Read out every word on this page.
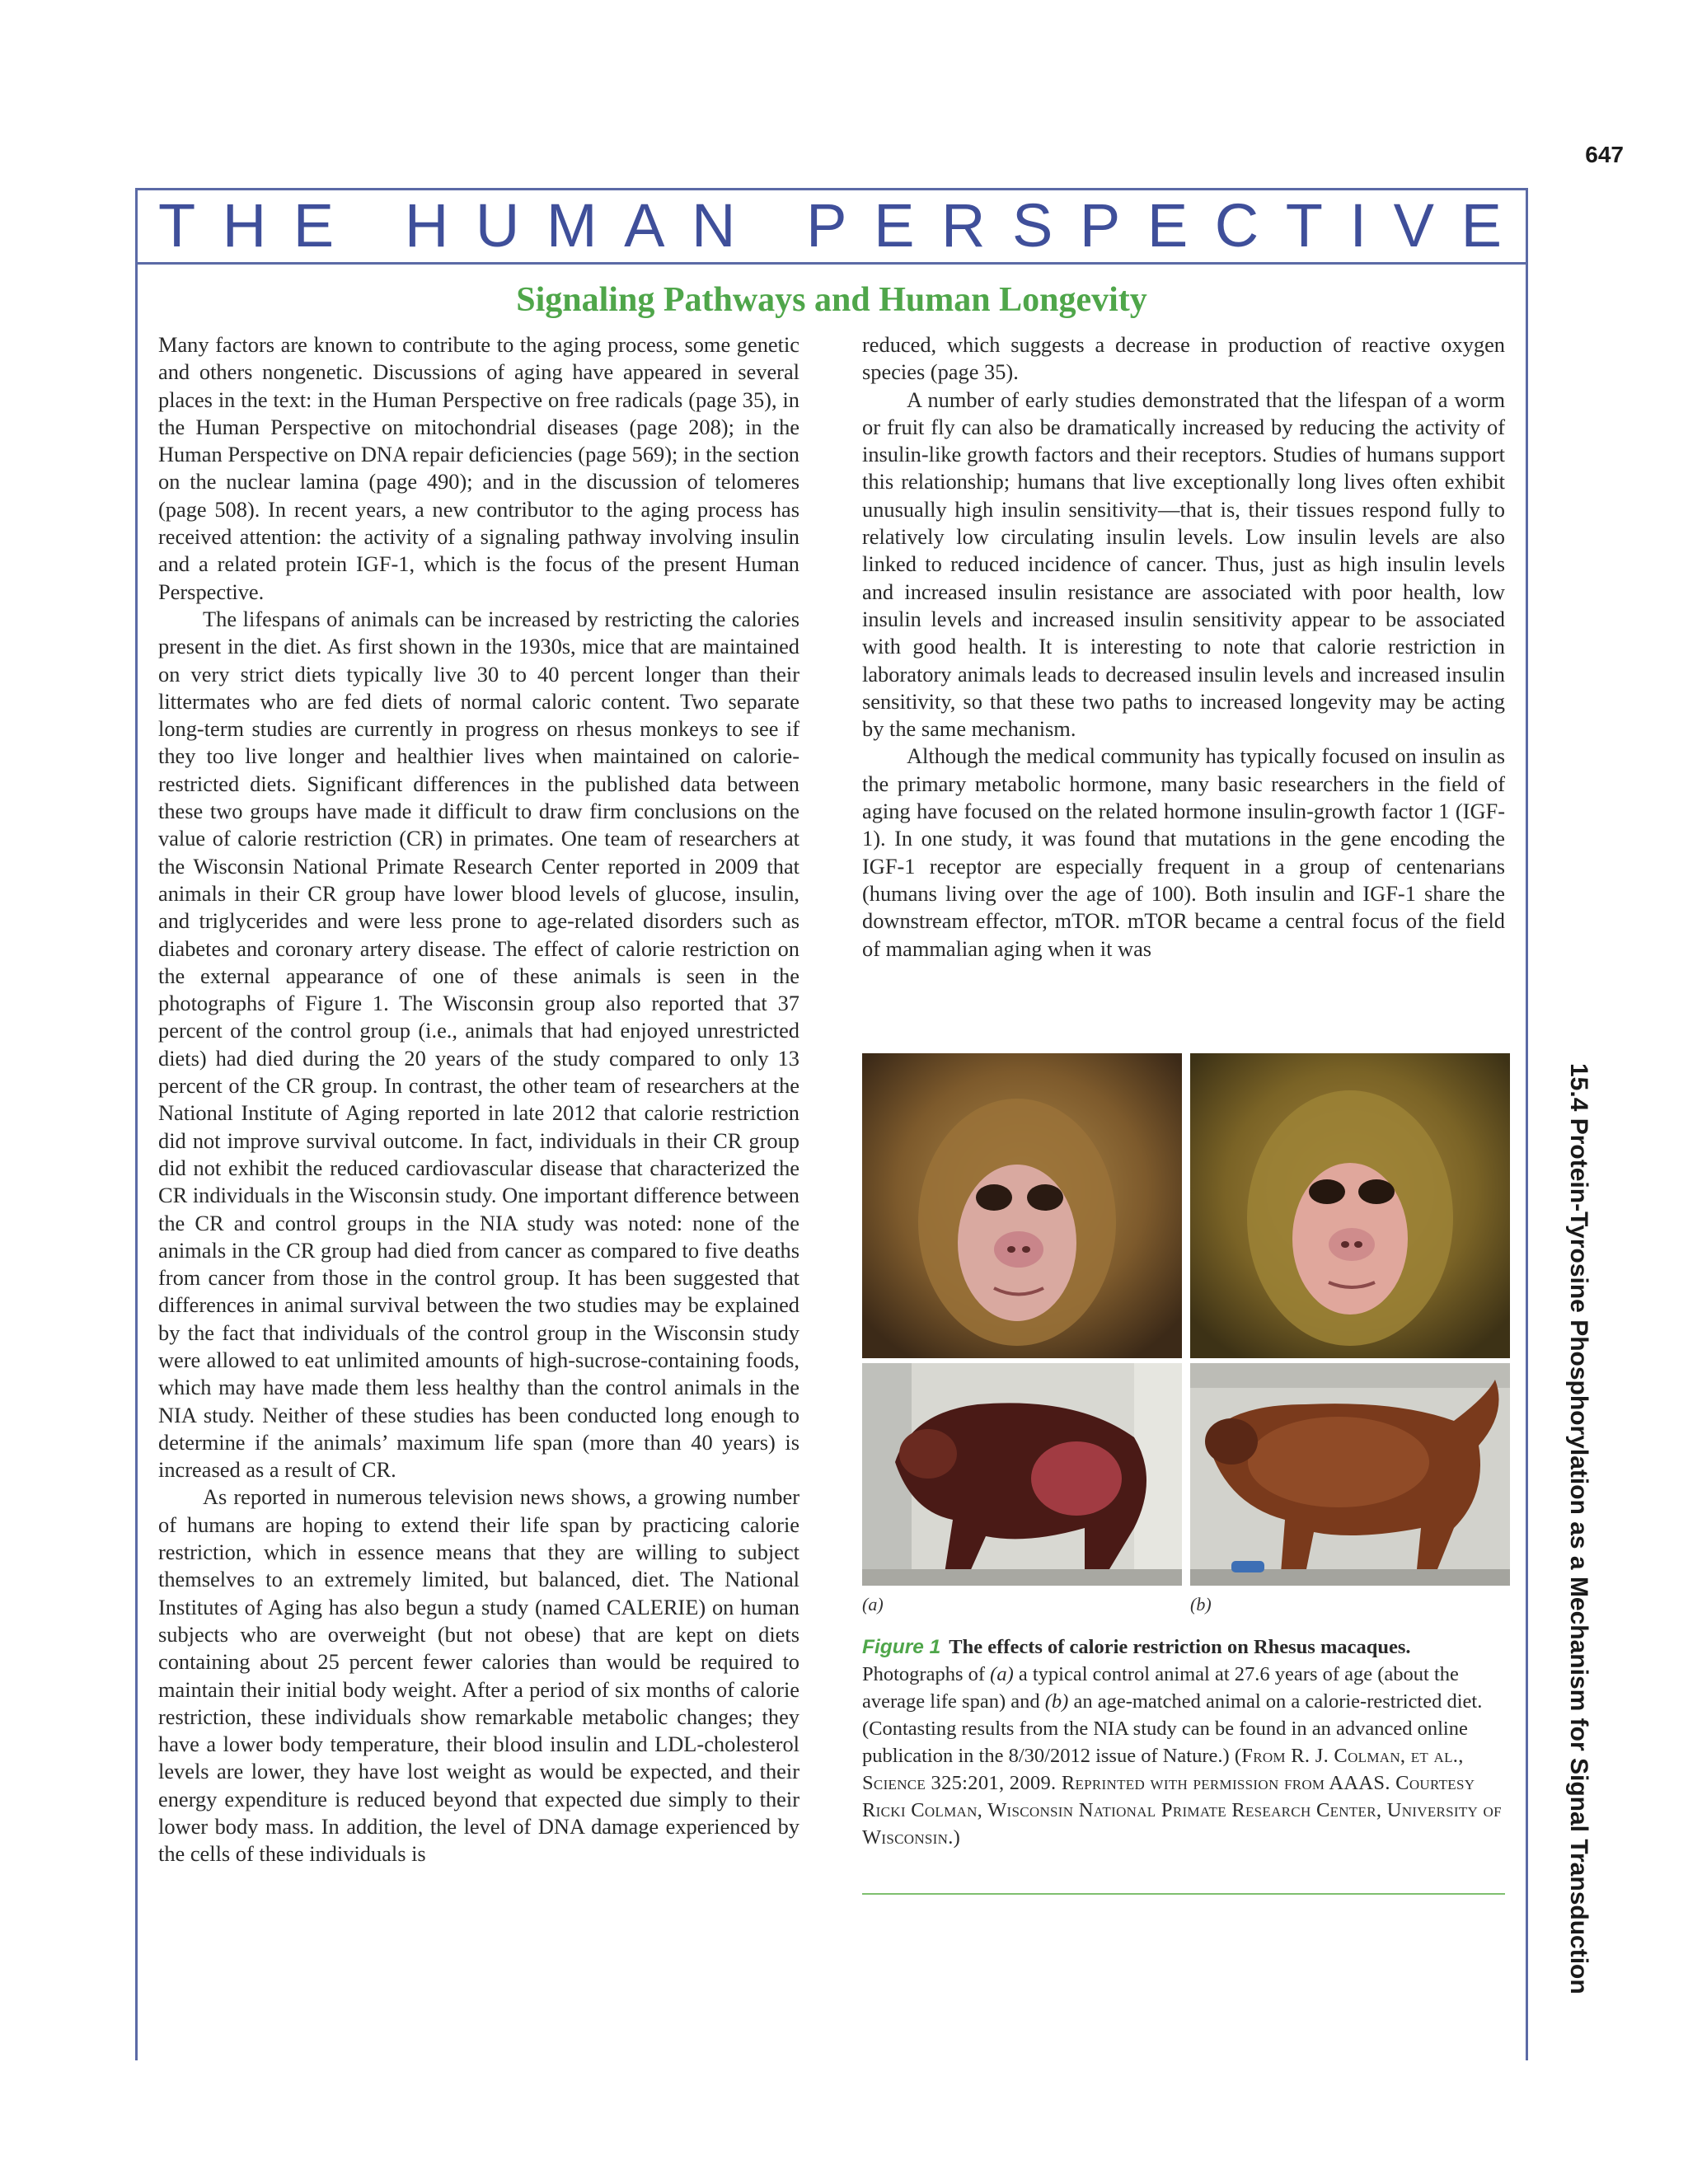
647
T H E
H U M A N
P E R S P E C T I V E
Signaling Pathways and Human Longevity

Many factors are known to contribute to the aging process, some genetic and others nongenetic. Discussions of aging have appeared in several places in the text: in the Human Perspective on free radicals (page 35), in the Human Perspective on mitochondrial diseases (page 208); in the Human Perspective on DNA repair deficiencies (page 569); in the section on the nuclear lamina (page 490); and in the discussion of telomeres (page 508). In recent years, a new contributor to the aging process has received attention: the activity of a signaling pathway involving insulin and a related protein IGF-1, which is the focus of the present Human Perspective.

The lifespans of animals can be increased by restricting the calories present in the diet. As first shown in the 1930s, mice that are maintained on very strict diets typically live 30 to 40 percent longer than their littermates who are fed diets of normal caloric content. Two separate long-term studies are currently in progress on rhesus monkeys to see if they too live longer and healthier lives when maintained on calorie-restricted diets. Significant differences in the published data between these two groups have made it difficult to draw firm conclusions on the value of calorie restriction (CR) in primates. One team of researchers at the Wisconsin National Primate Research Center reported in 2009 that animals in their CR group have lower blood levels of glucose, insulin, and triglycerides and were less prone to age-related disorders such as diabetes and coronary artery disease. The effect of calorie restriction on the external appearance of one of these animals is seen in the photographs of Figure 1. The Wisconsin group also reported that 37 percent of the control group (i.e., animals that had enjoyed unrestricted diets) had died during the 20 years of the study compared to only 13 percent of the CR group. In contrast, the other team of researchers at the National Institute of Aging reported in late 2012 that calorie restriction did not improve survival outcome. In fact, individuals in their CR group did not exhibit the reduced cardiovascular disease that characterized the CR individuals in the Wisconsin study. One important difference between the CR and control groups in the NIA study was noted: none of the animals in the CR group had died from cancer as compared to five deaths from cancer from those in the control group. It has been suggested that differences in animal survival between the two studies may be explained by the fact that individuals of the control group in the Wisconsin study were allowed to eat unlimited amounts of high-sucrose-containing foods, which may have made them less healthy than the control animals in the NIA study. Neither of these studies has been conducted long enough to determine if the animals’ maximum life span (more than 40 years) is increased as a result of CR.

As reported in numerous television news shows, a growing number of humans are hoping to extend their life span by practicing calorie restriction, which in essence means that they are willing to subject themselves to an extremely limited, but balanced, diet. The National Institutes of Aging has also begun a study (named CALERIE) on human subjects who are overweight (but not obese) that are kept on diets containing about 25 percent fewer calories than would be required to maintain their initial body weight. After a period of six months of calorie restriction, these individuals show remarkable metabolic changes; they have a lower body temperature, their blood insulin and LDL-cholesterol levels are lower, they have lost weight as would be expected, and their energy expenditure is reduced beyond that expected due simply to their lower body mass. In addition, the level of DNA damage experienced by the cells of these individuals is

reduced, which suggests a decrease in production of reactive oxygen species (page 35).

A number of early studies demonstrated that the lifespan of a worm or fruit fly can also be dramatically increased by reducing the activity of insulin-like growth factors and their receptors. Studies of humans support this relationship; humans that live exceptionally long lives often exhibit unusually high insulin sensitivity—that is, their tissues respond fully to relatively low circulating insulin levels. Low insulin levels are also linked to reduced incidence of cancer. Thus, just as high insulin levels and increased insulin resistance are associated with poor health, low insulin levels and increased insulin sensitivity appear to be associated with good health. It is interesting to note that calorie restriction in laboratory animals leads to decreased insulin levels and increased insulin sensitivity, so that these two paths to increased longevity may be acting by the same mechanism.

Although the medical community has typically focused on insulin as the primary metabolic hormone, many basic researchers in the field of aging have focused on the related hormone insulin-growth factor 1 (IGF-1). In one study, it was found that mutations in the gene encoding the IGF-1 receptor are especially frequent in a group of centenarians (humans living over the age of 100). Both insulin and IGF-1 share the downstream effector, mTOR. mTOR became a central focus of the field of mammalian aging when it was

(a)	(b)
Figure 1 The effects of calorie restriction on Rhesus macaques.
Photographs of (a) a typical control animal at 27.6 years of age (about the average life span) and (b) an age-matched animal on a calorie-restricted diet. (Contasting results from the NIA study can be found in an advanced online publication in the 8/30/2012 issue of Nature.) (From R. J. Colman, et al., Science 325:201, 2009. Reprinted with permission from AAAS. Courtesy Ricki Colman, Wisconsin National Primate Research Center, University of Wisconsin.)	15.4 Protein-Tyrosine Phosphorylation as a Mechanism for Signal Transduction
